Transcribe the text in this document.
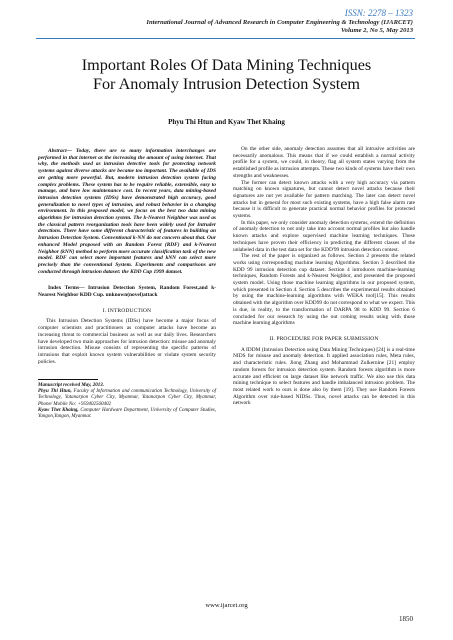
ISSN: 2278 – 1323
International Journal of Advanced Research in Computer Engineering & Technology (IJARCET)
Volume 2, No 5, May 2013
Important Roles Of Data Mining Techniques
For Anomaly Intrusion Detection System
Phyu Thi Htun and Kyaw Thet Khaing

Abstract— Today, there are so many information interchanges are performed in that internet as the increasing the amount of using internet. That why, the methods used as intrusion detective tools for protecting network systems against diverse attacks are became too important. The available of IDS are getting more powerful. But, modern intrusion detection system facing complex problems. These system has to be require reliable, extensible, easy to manage, and have low maintenance cost. In recent years, data mining-based intrusion detection systems (IDSs) have demonstrated high accuracy, good generalization to novel types of intrusion, and robust behavior in a changing environment. In this proposed model, we focus on the best two data mining algorithms for intrusion detection system. The k-Nearest Neighbor was used as the classical pattern reorganization tools have been widely used for Intruder detections. There have some different characteristic of features in building an Intrusion Detection System. Conventional k-NN do not concern about that. Our enhanced Model proposed with an Random Forest (RDF) and k-Nearest Neighbor (kNN) method to perform more accurate classification task of the new model. RDF can select more important features and kNN can select more precisely than the conventional System. Experiments and comparisons are conducted through intrusion dataset: the KDD Cup 1999 dataset.

Index Terms— Intrusion Detection System, Random Forest,and k-Nearest Neighbor KDD Cup. unknown(novel)attack

I. INTRODUCTION

This Intrusion Detection Systems (IDSs) have become a major focus of computer scientists and practitioners as computer attacks have become an increasing threat to commercial business as well as our daily lives. Researchers have developed two main approaches for intrusion detection: misuse and anomaly intrusion detection. Misuse consists of representing the specific patterns of intrusions that exploit known system vulnerabilities or violate system security policies.

Manuscript received May, 2013.

Phyu Thi Htun, Faculty of Information and communication Technology, University of Technology, Yatanarpon Cyber City, Myanmar, Yatanarpon Cyber City, Myanmar, Phone/ Mobile No: +959402560402

Kyaw Thet Khaing, Computer Hardware Department, University of Computer Studies, Yangon,Yangon, Myanmar.

On the other side, anomaly detection assumes that all intrusive activities are necessarily anomalous. This means that if we could establish a normal activity profile for a system, we could, in theory, flag all system states varying from the established profile as intrusion attempts. These two kinds of systems have their own strengths and weaknesses.

The former can detect known attacks with a very high accuracy via pattern matching on known signatures, but cannot detect novel attacks because their signatures are not yet available for pattern matching. The later can detect novel attacks but in general for most such existing systems, have a high false alarm rate because it is difficult to generate practical normal behavior profiles for protected systems.

In this paper, we only consider anomaly detection systems, extend the definition of anomaly detection to not only take into account normal profiles but also handle known attacks and explore supervised machine learning techniques. These techniques have proven their efficiency in predicting the different classes of the unlabeled data in the test data set for the KDD'99 intrusion detection contest.

The rest of the paper is organized as follows. Section 2 presents the related works using corresponding machine learning Algorithms. Section 3 described the KDD 99 intrusion detection cup dataset. Section 4 introduces machine-learning techniques, Random Forests and k-Nearest Neighbor, and presented the proposed system model. Using those machine learning algorithms in our proposed system, which presented in Section 4. Section 5 describes the experimental results obtained by using the machine-learning algorithms with WEKA tool[15]. This results obtained with the algorithm over KDD99 do not correspond to what we expect. This is due, in reality, to the transformation of DARPA 98 to KDD 99. Section 6 concluded for our research by using the out coming results using with those machine learning algorithms

II. PROCEDURE FOR PAPER SUBMISSION

A IDDM (Intrusion Detection using Data Mining Techniques) [24] is a real-time NIDS for misuse and anomaly detection. It applied association rules, Meta rules, and characteristic rules. Jiong Zhang and Mohammad Zulkernine [21] employ random forests for intrusion detection system. Random forests algorithm is more accurate and efficient on large dataset like network traffic. We also use this data mining technique to select features and handle imbalanced intrusion problem. The most related work to ours is done also by them [19]. They use Random Forests Algorithm over rule-based NIDSs. Thus, novel attacks can be detected in this network

www.ijarcet.org
1850
